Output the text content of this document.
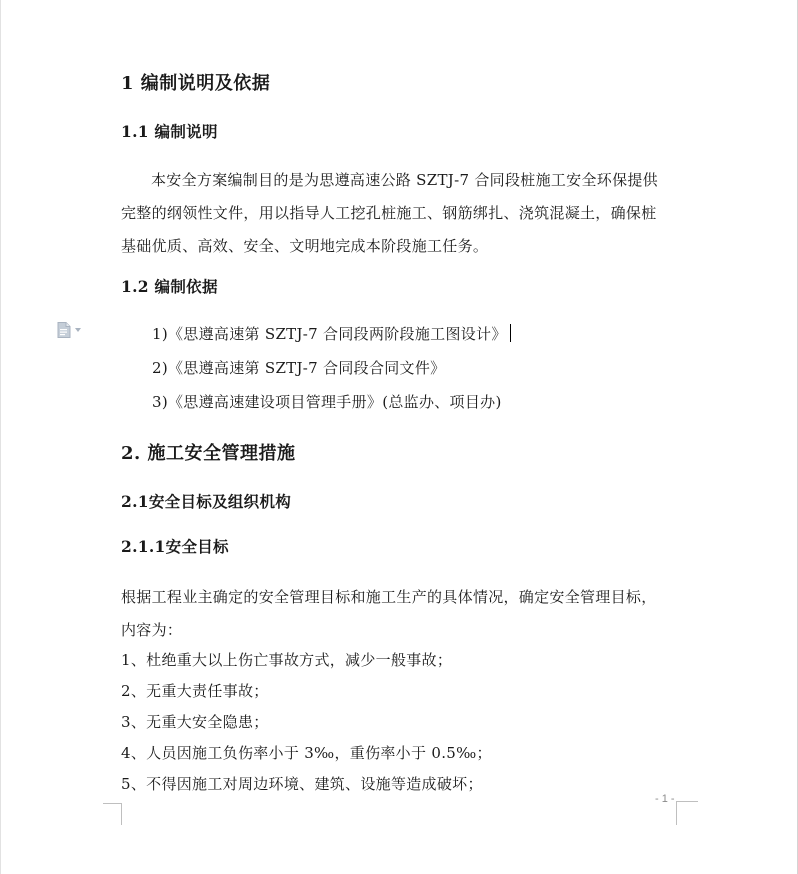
1 编制说明及依据
1.1 编制说明
本安全方案编制目的是为思遵高速公路 SZTJ-7 合同段桩施工安全环保提供
完整的纲领性文件，用以指导人工挖孔桩施工、钢筋绑扎、浇筑混凝土，确保桩
基础优质、高效、安全、文明地完成本阶段施工任务。
1.2 编制依据
1)《思遵高速第 SZTJ-7 合同段两阶段施工图设计》
2)《思遵高速第 SZTJ-7 合同段合同文件》
3)《思遵高速建设项目管理手册》(总监办、项目办)
2. 施工安全管理措施
2.1安全目标及组织机构
2.1.1安全目标
根据工程业主确定的安全管理目标和施工生产的具体情况，确定安全管理目标，
内容为：
1、杜绝重大以上伤亡事故方式，减少一般事故；
2、无重大责任事故；
3、无重大安全隐患；
4、人员因施工负伤率小于 3‰，重伤率小于 0.5‰；
5、不得因施工对周边环境、建筑、设施等造成破坏；
- 1 -
